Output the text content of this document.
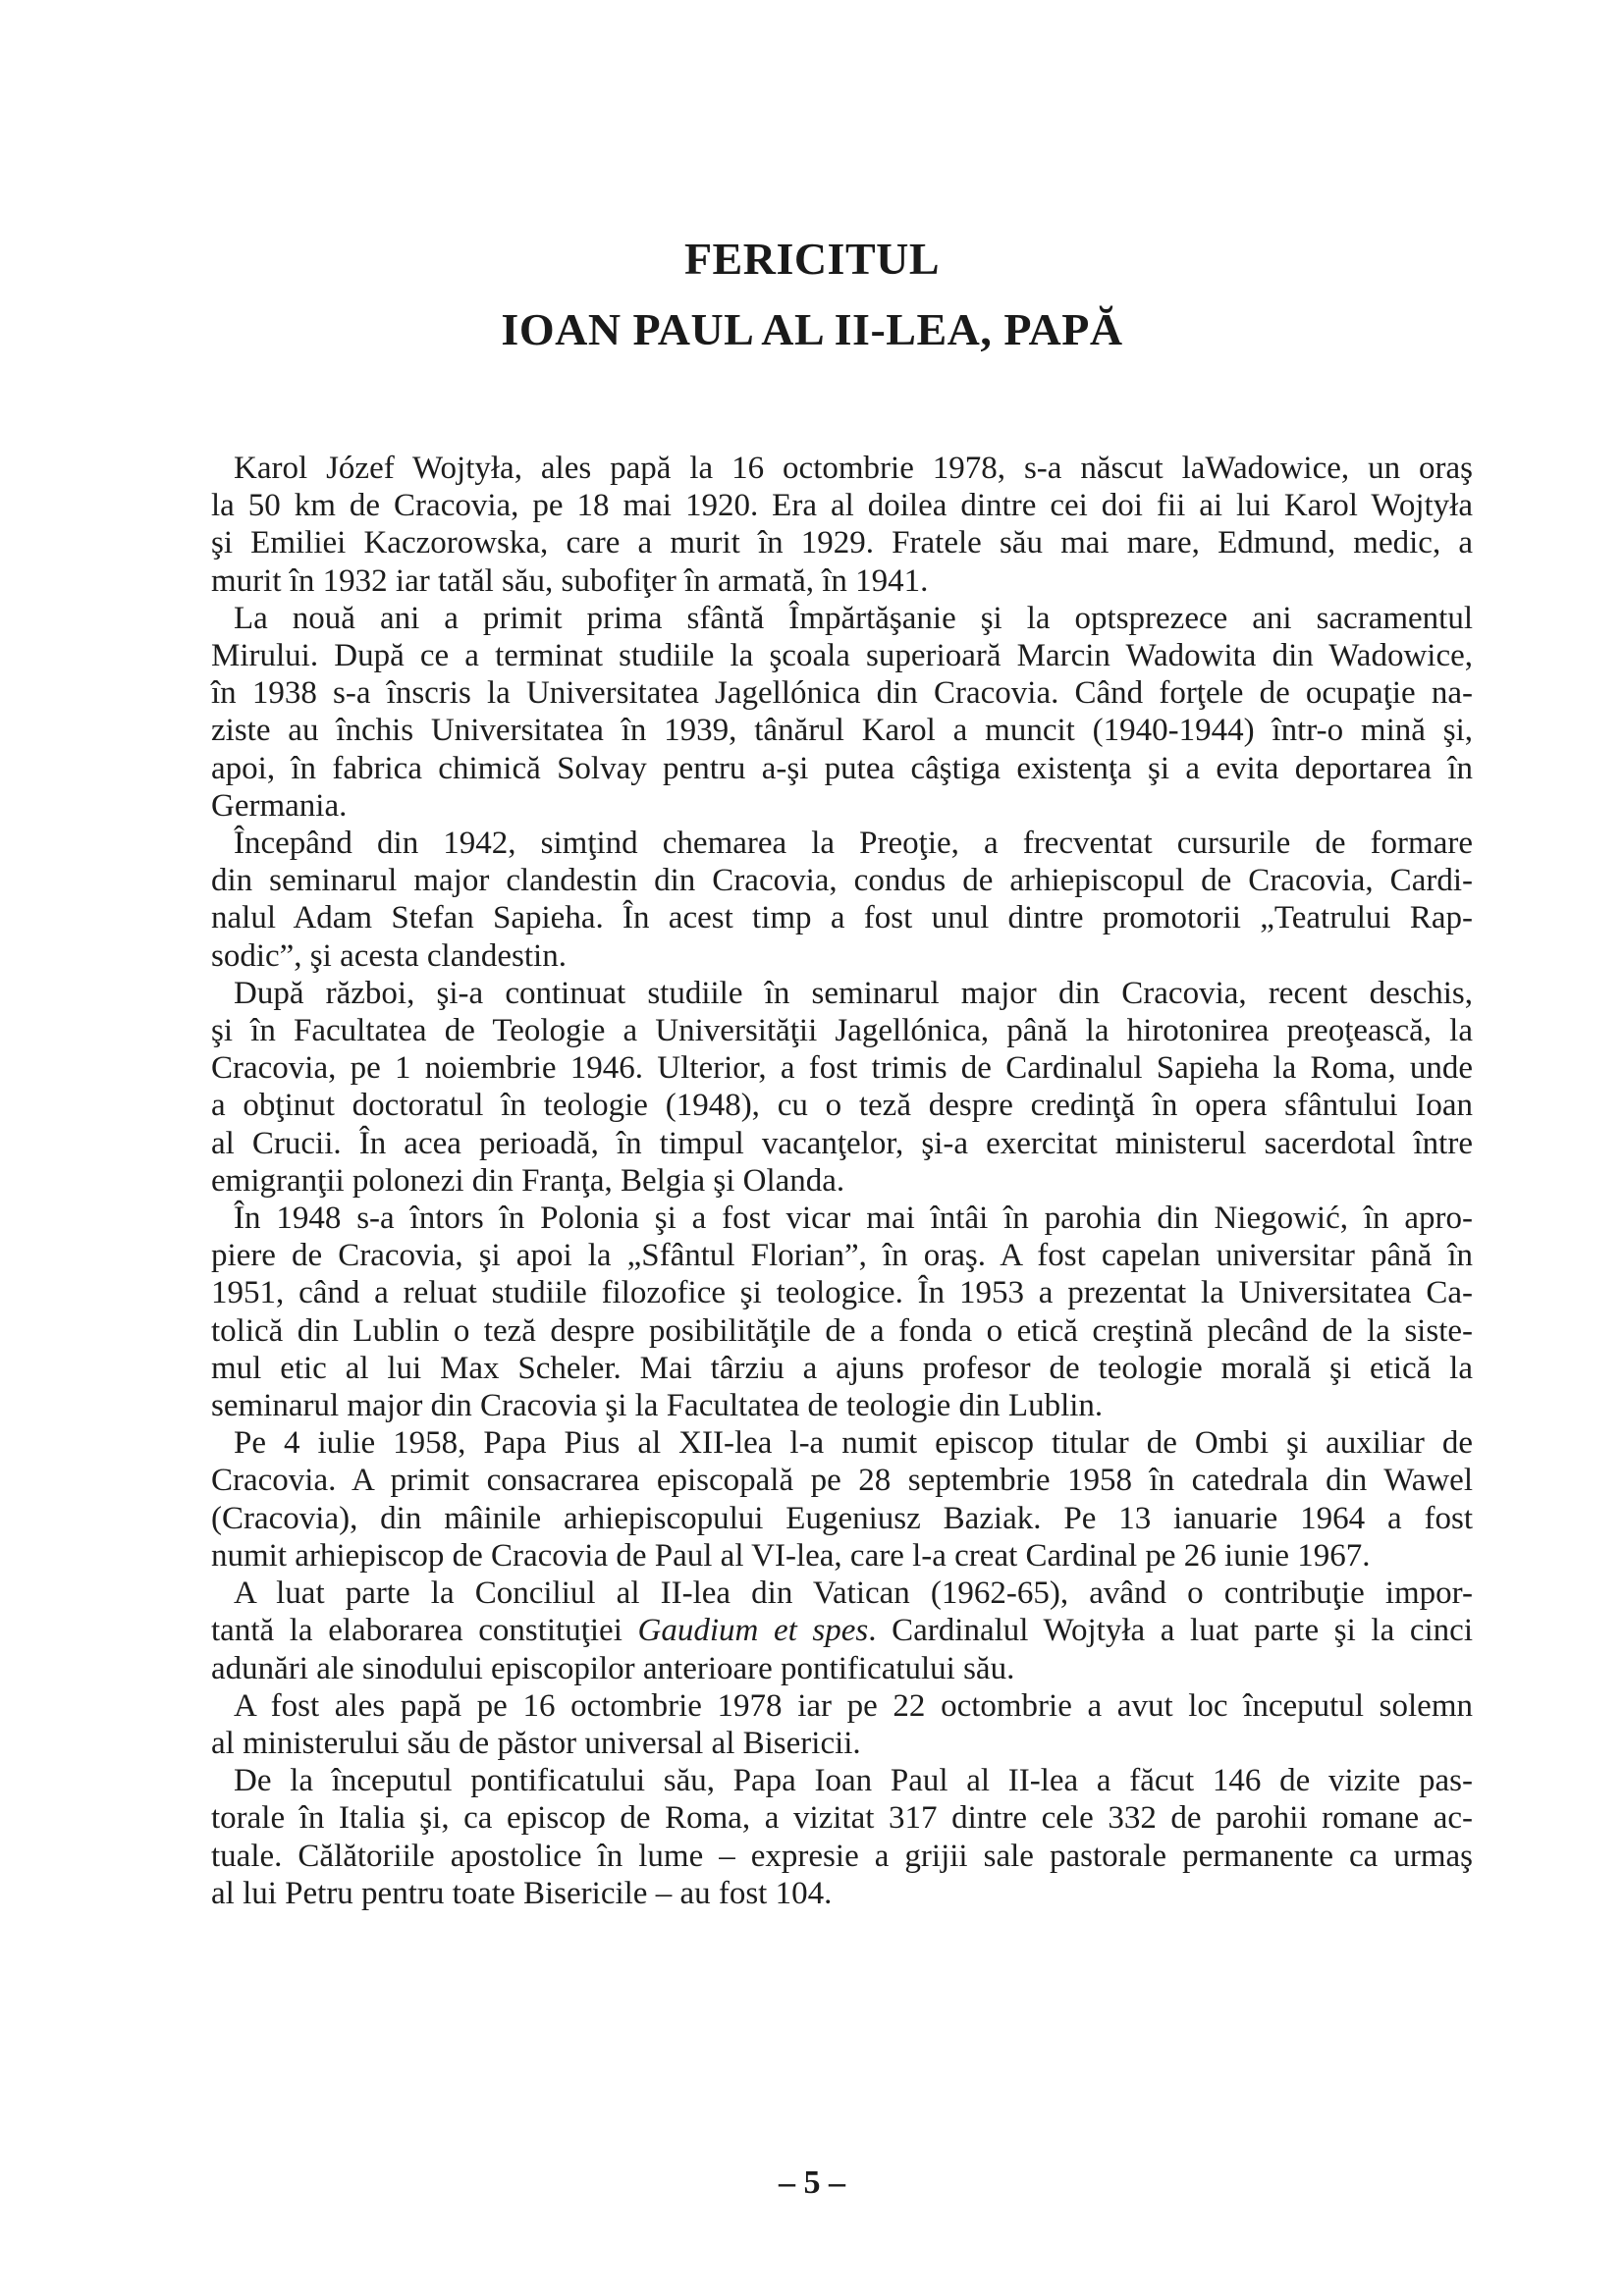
FERICITUL
IOAN PAUL AL II-LEA, PAPĂ

Karol Józef Wojtyła, ales papă la 16 octombrie 1978, s-a născut laWadowice, un oraş
la 50 km de Cracovia, pe 18 mai 1920. Era al doilea dintre cei doi fii ai lui Karol Wojtyła
şi Emiliei Kaczorowska, care a murit în 1929. Fratele său mai mare, Edmund, medic, a
murit în 1932 iar tatăl său, subofiţer în armată, în 1941.

La nouă ani a primit prima sfântă Împărtăşanie şi la optsprezece ani sacramentul
Mirului. După ce a terminat studiile la şcoala superioară Marcin Wadowita din Wadowice,
în 1938 s-a înscris la Universitatea Jagellónica din Cracovia. Când forţele de ocupaţie na-
ziste au închis Universitatea în 1939, tânărul Karol a muncit (1940-1944) într-o mină şi,
apoi, în fabrica chimică Solvay pentru a-şi putea câştiga existenţa şi a evita deportarea în
Germania.

Începând din 1942, simţind chemarea la Preoţie, a frecventat cursurile de formare
din seminarul major clandestin din Cracovia, condus de arhiepiscopul de Cracovia, Cardi-
nalul Adam Stefan Sapieha. În acest timp a fost unul dintre promotorii „Teatrului Rap-
sodic”, şi acesta clandestin.

După război, şi-a continuat studiile în seminarul major din Cracovia, recent deschis,
şi în Facultatea de Teologie a Universităţii Jagellónica, până la hirotonirea preoţească, la
Cracovia, pe 1 noiembrie 1946. Ulterior, a fost trimis de Cardinalul Sapieha la Roma, unde
a obţinut doctoratul în teologie (1948), cu o teză despre credinţă în opera sfântului Ioan
al Crucii. În acea perioadă, în timpul vacanţelor, şi-a exercitat ministerul sacerdotal între
emigranţii polonezi din Franţa, Belgia şi Olanda.

În 1948 s-a întors în Polonia şi a fost vicar mai întâi în parohia din Niegowić, în apro-
piere de Cracovia, şi apoi la „Sfântul Florian”, în oraş. A fost capelan universitar până în
1951, când a reluat studiile filozofice şi teologice. În 1953 a prezentat la Universitatea Ca-
tolică din Lublin o teză despre posibilităţile de a fonda o etică creştină plecând de la siste-
mul etic al lui Max Scheler. Mai târziu a ajuns profesor de teologie morală şi etică la
seminarul major din Cracovia şi la Facultatea de teologie din Lublin.

Pe 4 iulie 1958, Papa Pius al XII-lea l-a numit episcop titular de Ombi şi auxiliar de
Cracovia. A primit consacrarea episcopală pe 28 septembrie 1958 în catedrala din Wawel
(Cracovia), din mâinile arhiepiscopului Eugeniusz Baziak. Pe 13 ianuarie 1964 a fost
numit arhiepiscop de Cracovia de Paul al VI-lea, care l-a creat Cardinal pe 26 iunie 1967.

A luat parte la Conciliul al II-lea din Vatican (1962-65), având o contribuţie impor-
tantă la elaborarea constituţiei Gaudium et spes. Cardinalul Wojtyła a luat parte şi la cinci
adunări ale sinodului episcopilor anterioare pontificatului său.

A fost ales papă pe 16 octombrie 1978 iar pe 22 octombrie a avut loc începutul solemn
al ministerului său de păstor universal al Bisericii.

De la începutul pontificatului său, Papa Ioan Paul al II-lea a făcut 146 de vizite pas-
torale în Italia şi, ca episcop de Roma, a vizitat 317 dintre cele 332 de parohii romane ac-
tuale. Călătoriile apostolice în lume – expresie a grijii sale pastorale permanente ca urmaş
al lui Petru pentru toate Bisericile – au fost 104.

– 5 –
